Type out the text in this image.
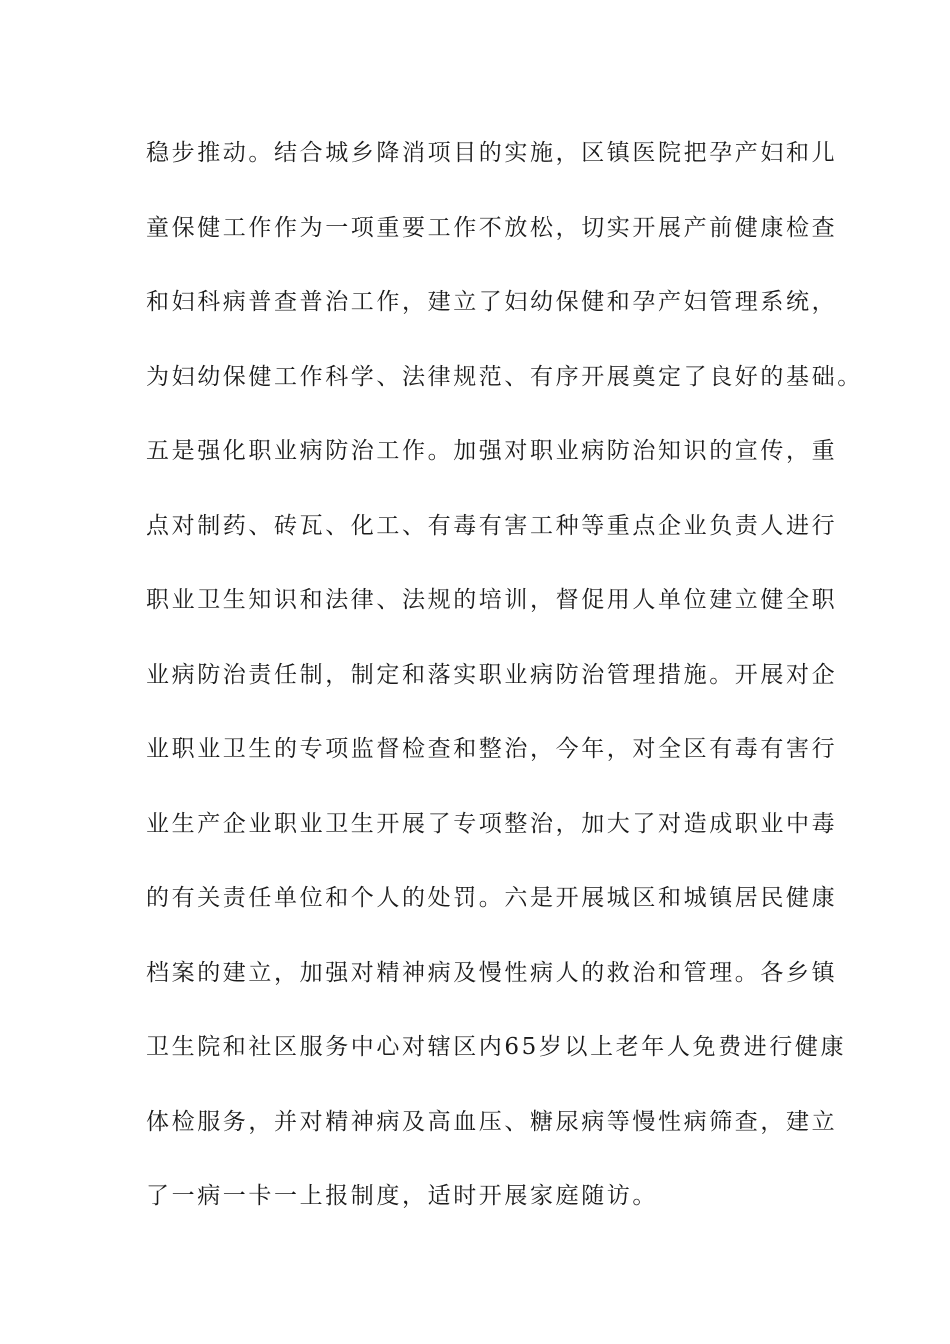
稳步推动。结合城乡降消项目的实施，区镇医院把孕产妇和儿
童保健工作作为一项重要工作不放松，切实开展产前健康检查
和妇科病普查普治工作，建立了妇幼保健和孕产妇管理系统，
为妇幼保健工作科学、法律规范、有序开展奠定了良好的基础。
五是强化职业病防治工作。加强对职业病防治知识的宣传，重
点对制药、砖瓦、化工、有毒有害工种等重点企业负责人进行
职业卫生知识和法律、法规的培训，督促用人单位建立健全职
业病防治责任制，制定和落实职业病防治管理措施。开展对企
业职业卫生的专项监督检查和整治，今年，对全区有毒有害行
业生产企业职业卫生开展了专项整治，加大了对造成职业中毒
的有关责任单位和个人的处罚。六是开展城区和城镇居民健康
档案的建立，加强对精神病及慢性病人的救治和管理。各乡镇
卫生院和社区服务中心对辖区内65岁以上老年人免费进行健康
体检服务，并对精神病及高血压、糖尿病等慢性病筛查，建立
了一病一卡一上报制度，适时开展家庭随访。
